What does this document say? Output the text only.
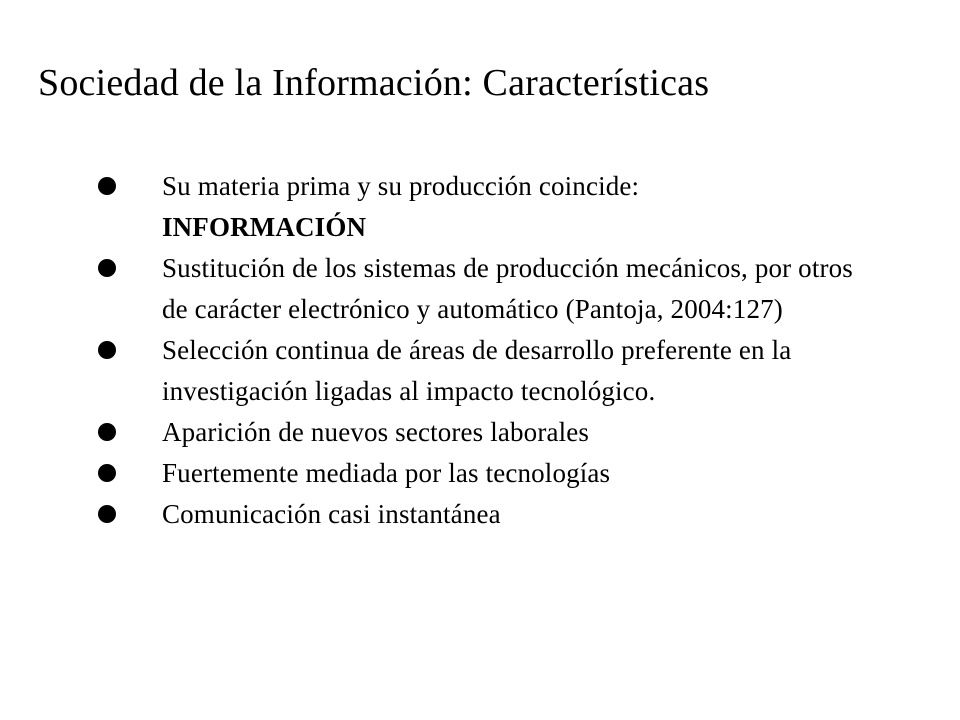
Sociedad de la Información: Características
Su materia prima y su producción coincide:
INFORMACIÓN
Sustitución de los sistemas de producción mecánicos, por otros de carácter electrónico y automático (Pantoja, 2004:127)
Selección continua de áreas de desarrollo preferente en la investigación ligadas al impacto tecnológico.
Aparición de nuevos sectores laborales
Fuertemente mediada por las tecnologías
Comunicación casi instantánea
